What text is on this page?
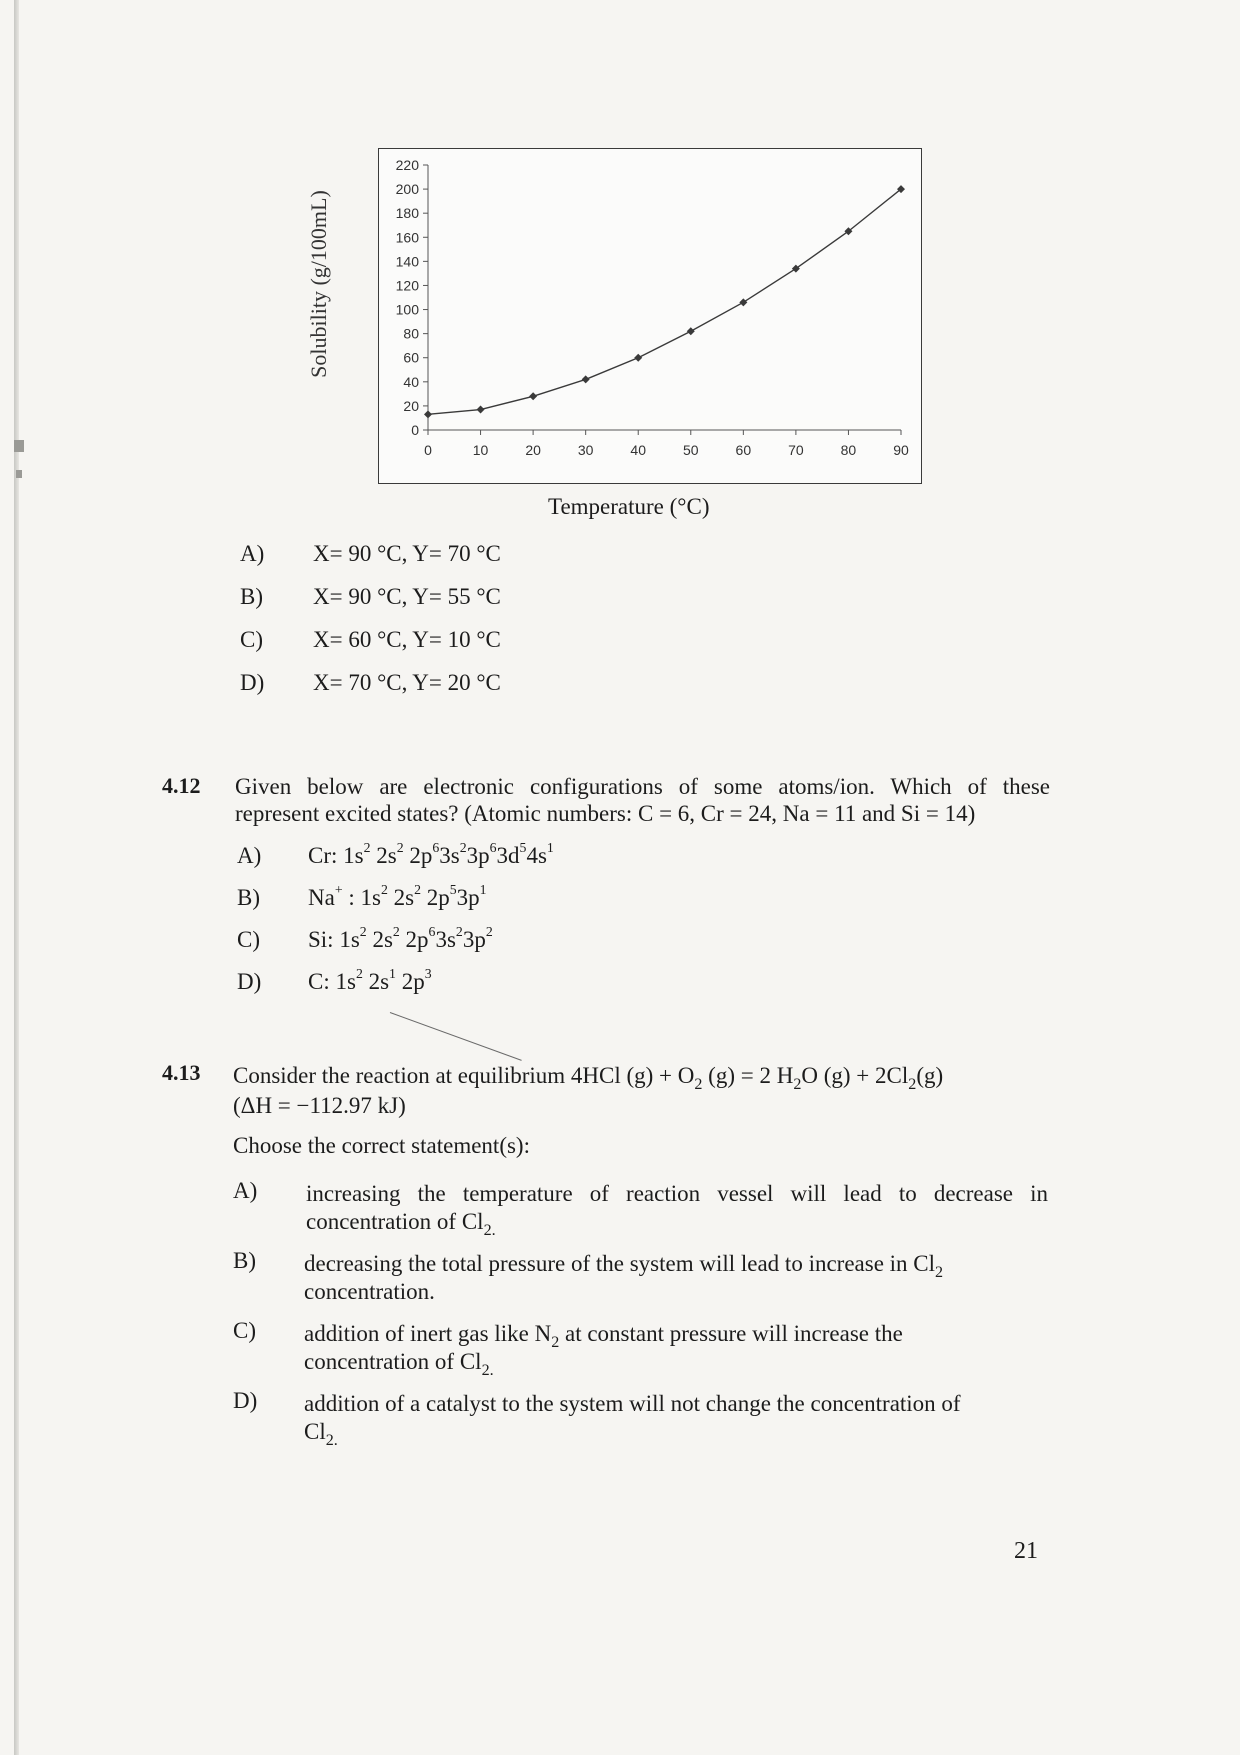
Solubility (g/100mL)
0
20
40
60
80
100
120
140
160
180
200
220
0	10	20	30	40	50	60	70	80	90
Temperature (°C)
A) X= 90 °C, Y= 70 °C
B) X= 90 °C, Y= 55 °C
C) X= 60 °C, Y= 10 °C
D) X= 70 °C, Y= 20 °C
4.12 Given below are electronic configurations of some atoms/ion. Which of these
represent excited states? (Atomic numbers: C = 6, Cr = 24, Na = 11 and Si = 14)
A) Cr: $1s^2$ $2s^2$ $2p^63s^23p^63d^54s^1$
B) Na+ : $1s^2$ $2s^2$ $2p^53p^1$
C) Si: $1s^2$ $2s^2$ $2p^63s^23p^2$
D) C: $1s^2$ $2s^1$ $2p^3$
4.13 Consider the reaction at equilibrium 4HCl $(g) + O_2$ (g) = 2 $H_2O$ $(g) + 2Cl_2(g)$
(ΔH = −112.97 kJ)
Choose the correct statement(s):
A) increasing the temperature of reaction vessel will lead to decrease in
concentration of $Cl_{2.}$
B) decreasing the total pressure of the system will lead to increase in $Cl_2$
concentration.
C) addition of inert gas like $N_2$ at constant pressure will increase the
concentration of $Cl_{2.}$
D) addition of a catalyst to the system will not change the concentration of
$Cl_{2.}$
21
